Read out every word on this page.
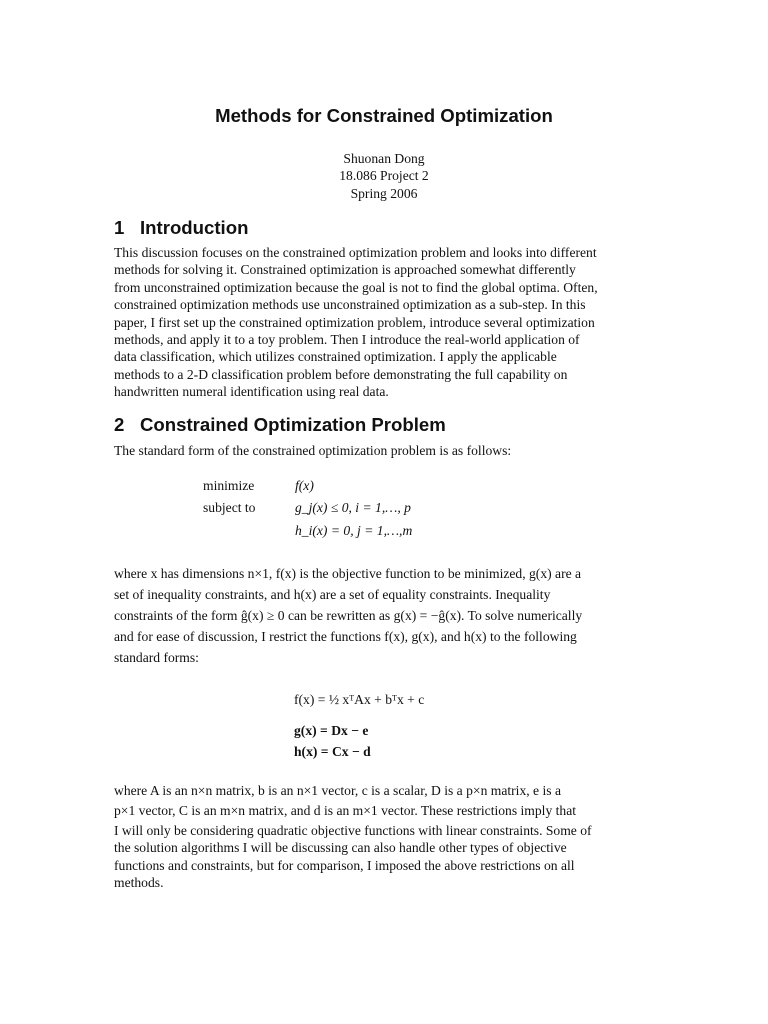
Methods for Constrained Optimization
Shuonan Dong
18.086 Project 2
Spring 2006
1 Introduction
This discussion focuses on the constrained optimization problem and looks into different
methods for solving it. Constrained optimization is approached somewhat differently
from unconstrained optimization because the goal is not to find the global optima. Often,
constrained optimization methods use unconstrained optimization as a sub-step. In this
paper, I first set up the constrained optimization problem, introduce several optimization
methods, and apply it to a toy problem. Then I introduce the real-world application of
data classification, which utilizes constrained optimization. I apply the applicable
methods to a 2-D classification problem before demonstrating the full capability on
handwritten numeral identification using real data.
2 Constrained Optimization Problem
The standard form of the constrained optimization problem is as follows:
minimize	f(x)
subject to	g_j(x) ≤ 0, i = 1,…, p
h_i(x) = 0, j = 1,…,m
where x has dimensions n×1, f(x) is the objective function to be minimized, g(x) are a
set of inequality constraints, and h(x) are a set of equality constraints. Inequality
constraints of the form ĝ(x) ≥ 0 can be rewritten as g(x) = −ĝ(x). To solve numerically
and for ease of discussion, I restrict the functions f(x), g(x), and h(x) to the following
standard forms:
f(x) = ½ xᵀAx + bᵀx + c
g(x) = Dx − e
h(x) = Cx − d
where A is an n×n matrix, b is an n×1 vector, c is a scalar, D is a p×n matrix, e is a
p×1 vector, C is an m×n matrix, and d is an m×1 vector. These restrictions imply that
I will only be considering quadratic objective functions with linear constraints. Some of
the solution algorithms I will be discussing can also handle other types of objective
functions and constraints, but for comparison, I imposed the above restrictions on all
methods.
